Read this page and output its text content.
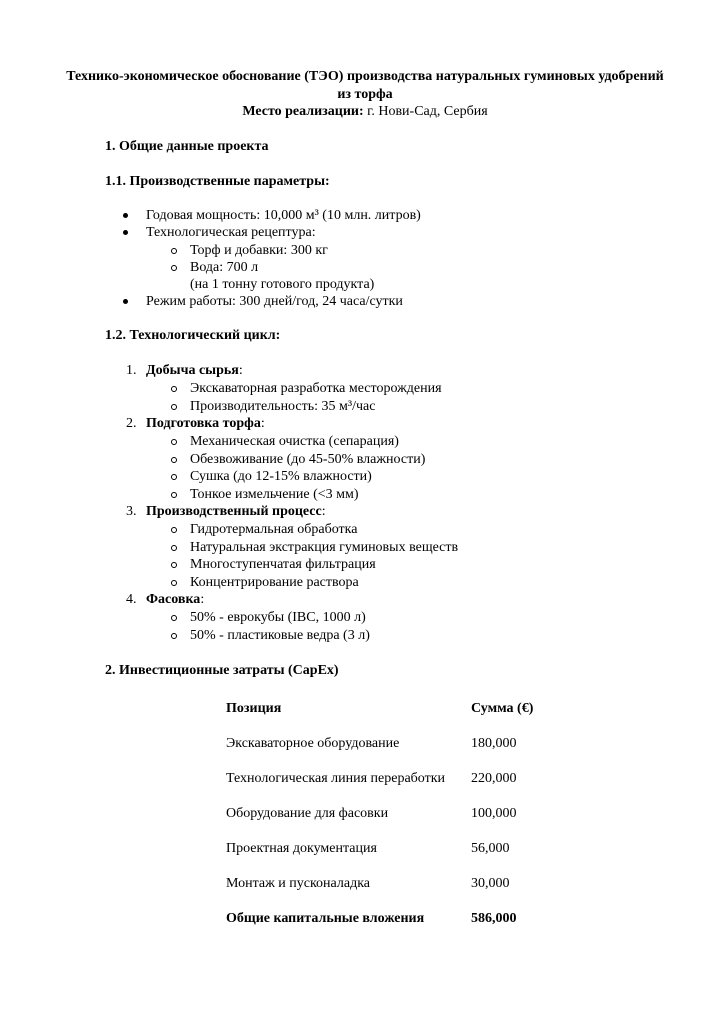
Технико-экономическое обоснование (ТЭО) производства натуральных гуминовых удобрений из торфа
Место реализации: г. Нови-Сад, Сербия
1. Общие данные проекта
1.1. Производственные параметры:
Годовая мощность: 10,000 м³ (10 млн. литров)
Технологическая рецептура:
Торф и добавки: 300 кг
Вода: 700 л
(на 1 тонну готового продукта)
Режим работы: 300 дней/год, 24 часа/сутки
1.2. Технологический цикл:
1. Добыча сырья:
Экскаваторная разработка месторождения
Производительность: 35 м³/час
2. Подготовка торфа:
Механическая очистка (сепарация)
Обезвоживание (до 45-50% влажности)
Сушка (до 12-15% влажности)
Тонкое измельчение (<3 мм)
3. Производственный процесс:
Гидротермальная обработка
Натуральная экстракция гуминовых веществ
Многоступенчатая фильтрация
Концентрирование раствора
4. Фасовка:
50% - еврокубы (IBC, 1000 л)
50% - пластиковые ведра (3 л)
2. Инвестиционные затраты (CapEx)
Позиция	Сумма (€)
Экскаваторное оборудование	180,000
Технологическая линия переработки	220,000
Оборудование для фасовки	100,000
Проектная документация	56,000
Монтаж и пусконаладка	30,000
Общие капитальные вложения	586,000
